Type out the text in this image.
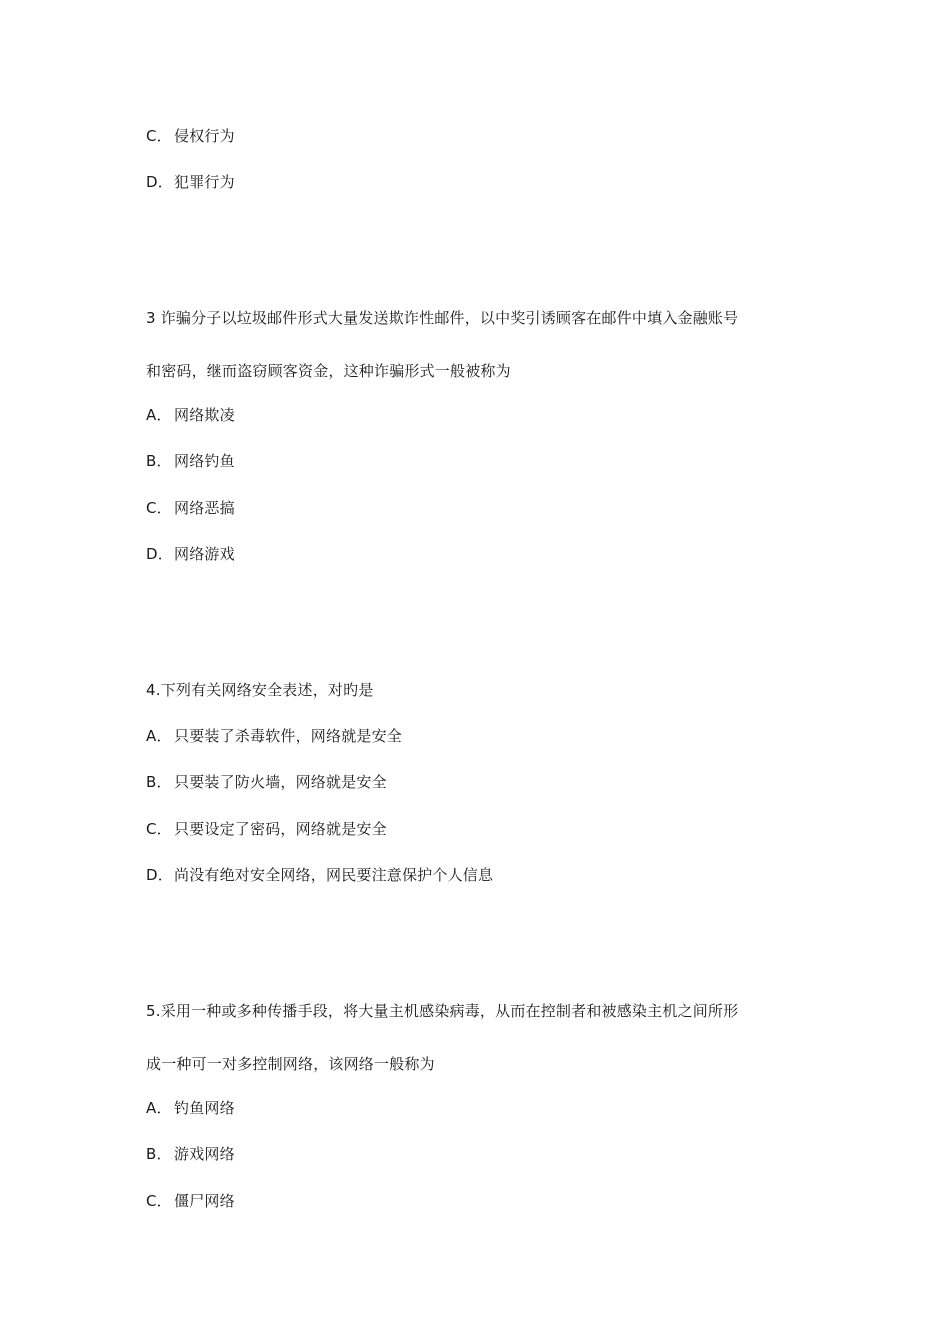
C． 侵权行为
D．犯罪行为
3 诈骗分子以垃圾邮件形式大量发送欺诈性邮件，以中奖引诱顾客在邮件中填入金融账号
和密码，继而盗窃顾客资金，这种诈骗形式一般被称为
A． 网络欺凌
B． 网络钓鱼
C． 网络恶搞
D．网络游戏
4.下列有关网络安全表述，对旳是
A． 只要装了杀毒软件，网络就是安全
B． 只要装了防火墙，网络就是安全
C． 只要设定了密码，网络就是安全
D．尚没有绝对安全网络，网民要注意保护个人信息
5.采用一种或多种传播手段，将大量主机感染病毒，从而在控制者和被感染主机之间所形
成一种可一对多控制网络，该网络一般称为
A． 钓鱼网络
B． 游戏网络
C． 僵尸网络
